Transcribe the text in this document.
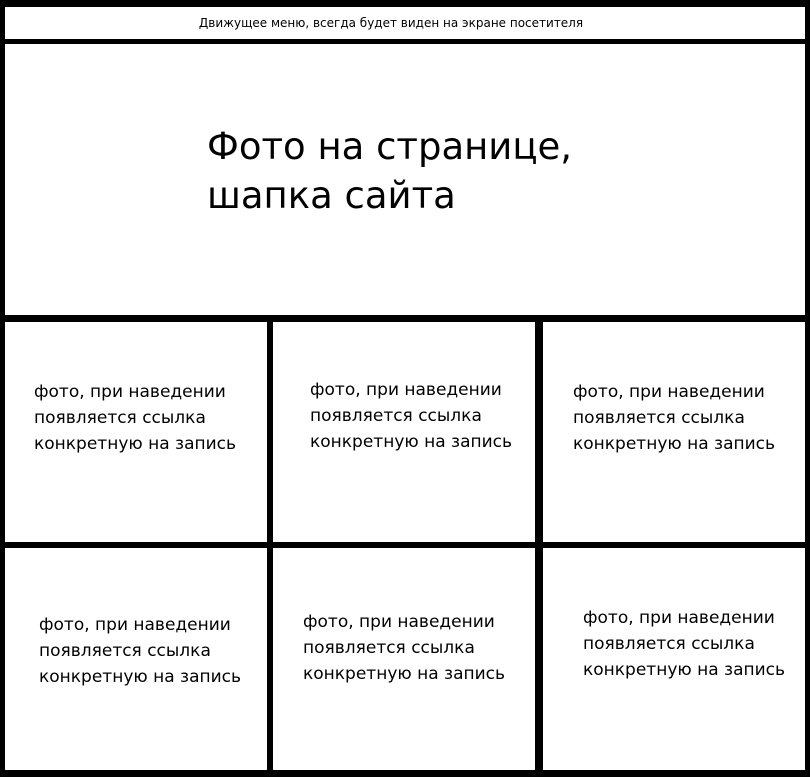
Движущее меню, всегда будет виден на экране посетителя
Фото на странице,
шапка сайта
фото, при наведении
появляется ссылка
конкретную на запись
фото, при наведении
появляется ссылка
конкретную на запись
фото, при наведении
появляется ссылка
конкретную на запись
фото, при наведении
появляется ссылка
конкретную на запись
фото, при наведении
появляется ссылка
конкретную на запись
фото, при наведении
появляется ссылка
конкретную на запись
